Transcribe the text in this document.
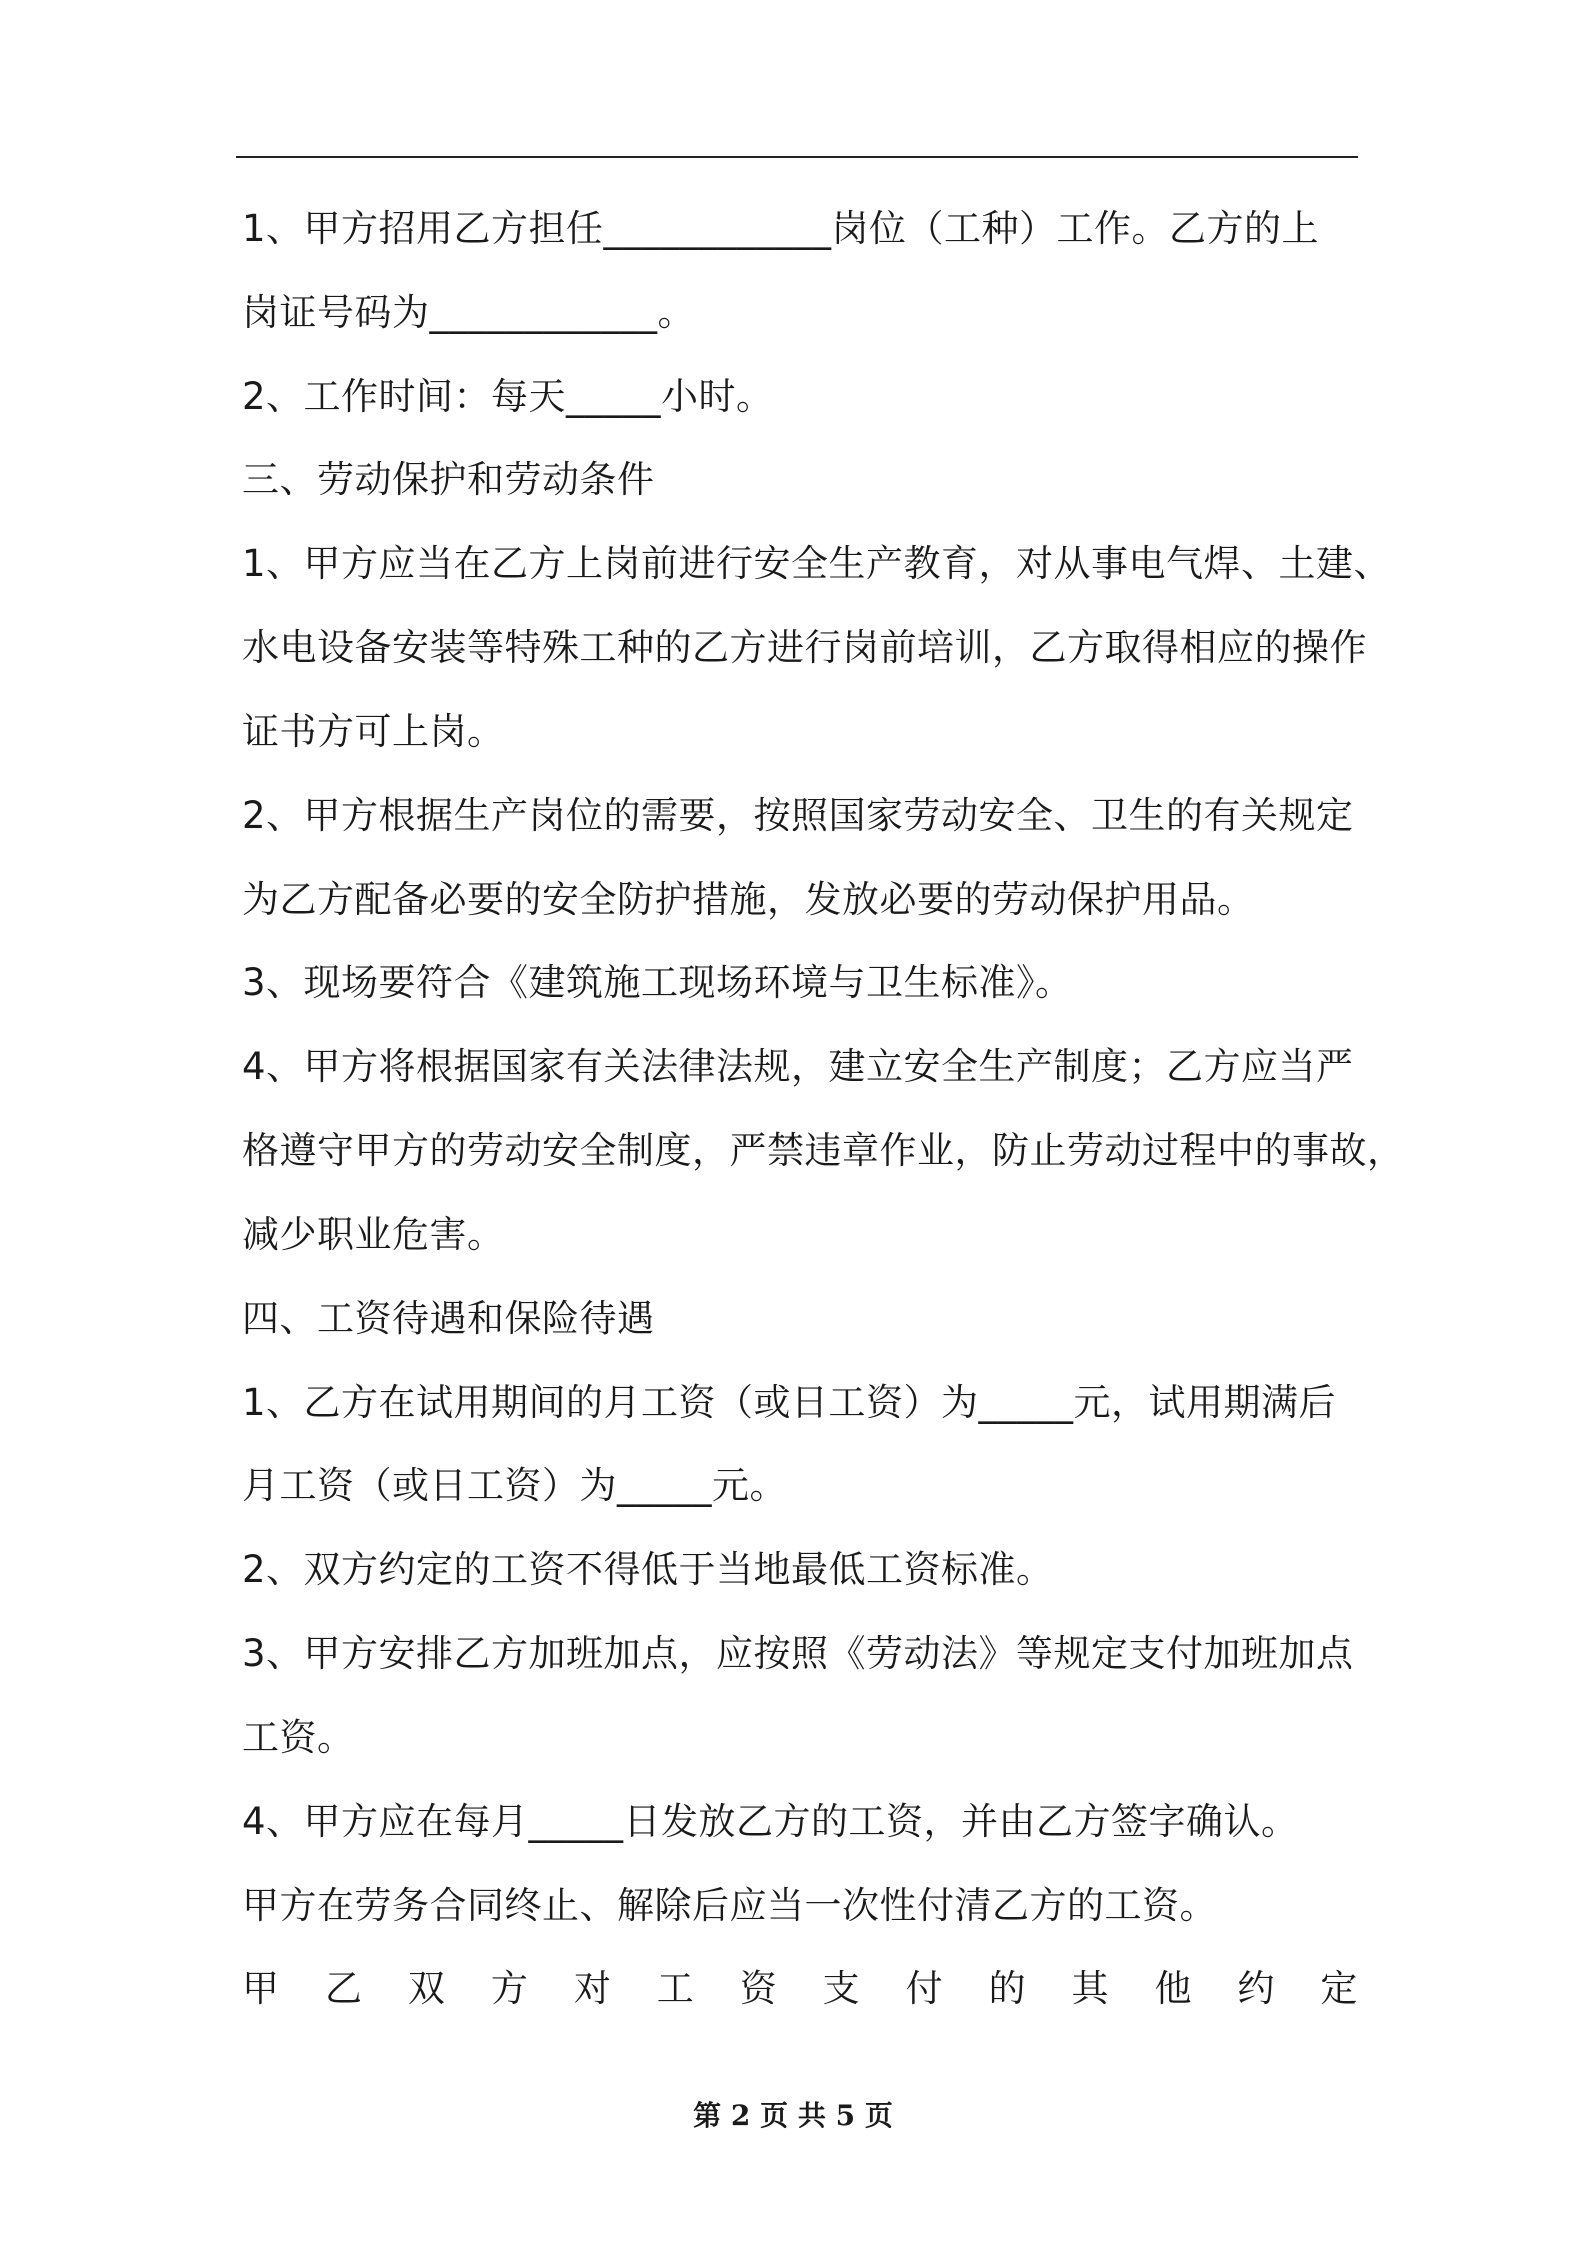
1、甲方招用乙方担任____________岗位（工种）工作。乙方的上
岗证号码为____________。
2、工作时间：每天_____小时。
三、劳动保护和劳动条件
1、甲方应当在乙方上岗前进行安全生产教育，对从事电气焊、土建、
水电设备安装等特殊工种的乙方进行岗前培训，乙方取得相应的操作
证书方可上岗。
2、甲方根据生产岗位的需要，按照国家劳动安全、卫生的有关规定
为乙方配备必要的安全防护措施，发放必要的劳动保护用品。
3、现场要符合《建筑施工现场环境与卫生标准》。
4、甲方将根据国家有关法律法规，建立安全生产制度；乙方应当严
格遵守甲方的劳动安全制度，严禁违章作业，防止劳动过程中的事故，
减少职业危害。
四、工资待遇和保险待遇
1、乙方在试用期间的月工资（或日工资）为_____元，试用期满后
月工资（或日工资）为_____元。
2、双方约定的工资不得低于当地最低工资标准。
3、甲方安排乙方加班加点，应按照《劳动法》等规定支付加班加点
工资。
4、甲方应在每月_____日发放乙方的工资，并由乙方签字确认。
甲方在劳务合同终止、解除后应当一次性付清乙方的工资。
甲 乙 双 方 对 工 资 支 付 的 其 他 约 定
第 2 页 共 5 页
